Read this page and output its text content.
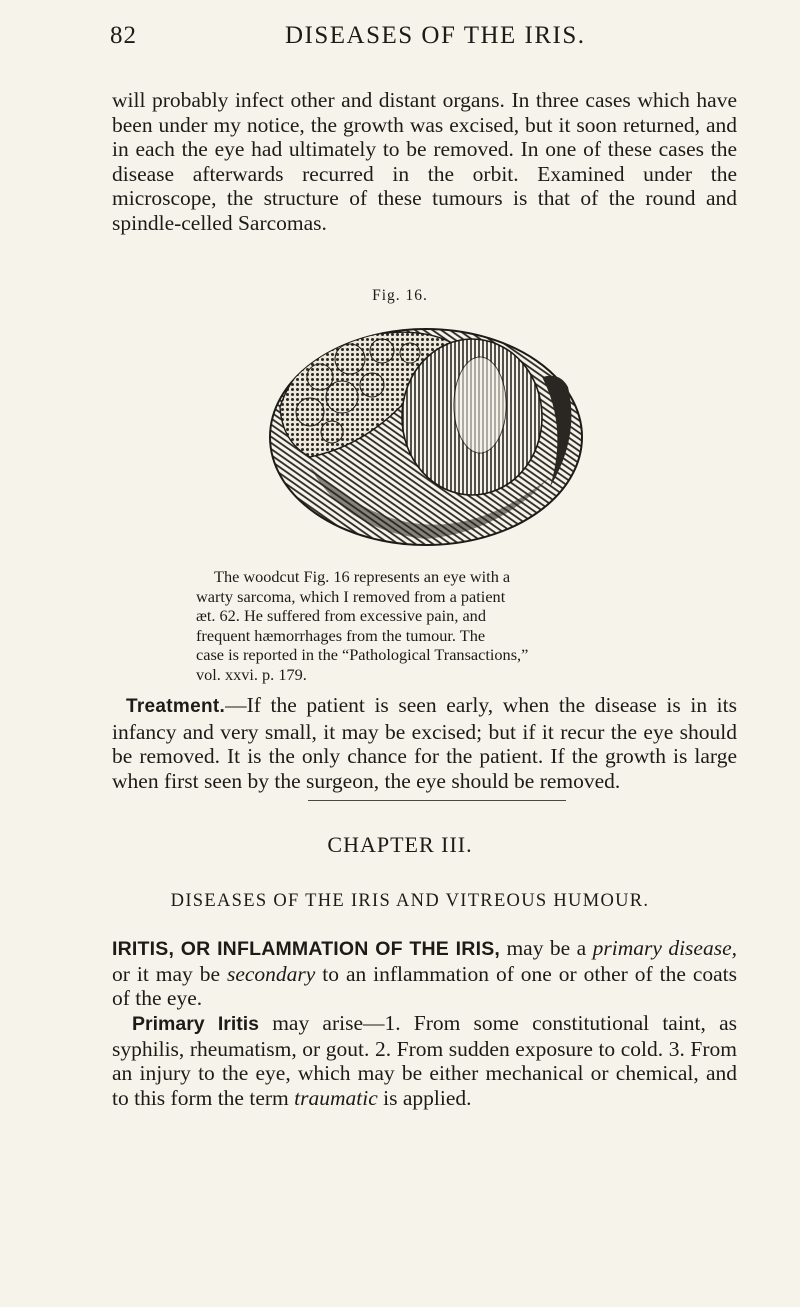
82	DISEASES OF THE IRIS.

will probably infect other and distant organs. In three cases which have been under my notice, the growth was excised, but it soon returned, and in each the eye had ultimately to be removed. In one of these cases the disease afterwards recurred in the orbit. Examined under the microscope, the structure of these tumours is that of the round and spindle-celled Sarcomas.

Fig. 16.

The woodcut Fig. 16 represents an eye with a
warty sarcoma, which I removed from a patient
æt. 62. He suffered from excessive pain, and
frequent hæmorrhages from the tumour. The
case is reported in the “Pathological Transactions,”
vol. xxvi. p. 179.

Treatment.—If the patient is seen early, when the disease is in its infancy and very small, it may be excised; but if it recur the eye should be removed. It is the only chance for the patient. If the growth is large when first seen by the surgeon, the eye should be removed.

CHAPTER III.
DISEASES OF THE IRIS AND VITREOUS HUMOUR.

IRITIS, OR INFLAMMATION OF THE IRIS, may be a primary disease, or it may be secondary to an inflammation of one or other of the coats of the eye.

Primary Iritis may arise—1. From some constitutional taint, as syphilis, rheumatism, or gout. 2. From sudden exposure to cold. 3. From an injury to the eye, which may be either mechanical or chemical, and to this form the term traumatic is applied.
